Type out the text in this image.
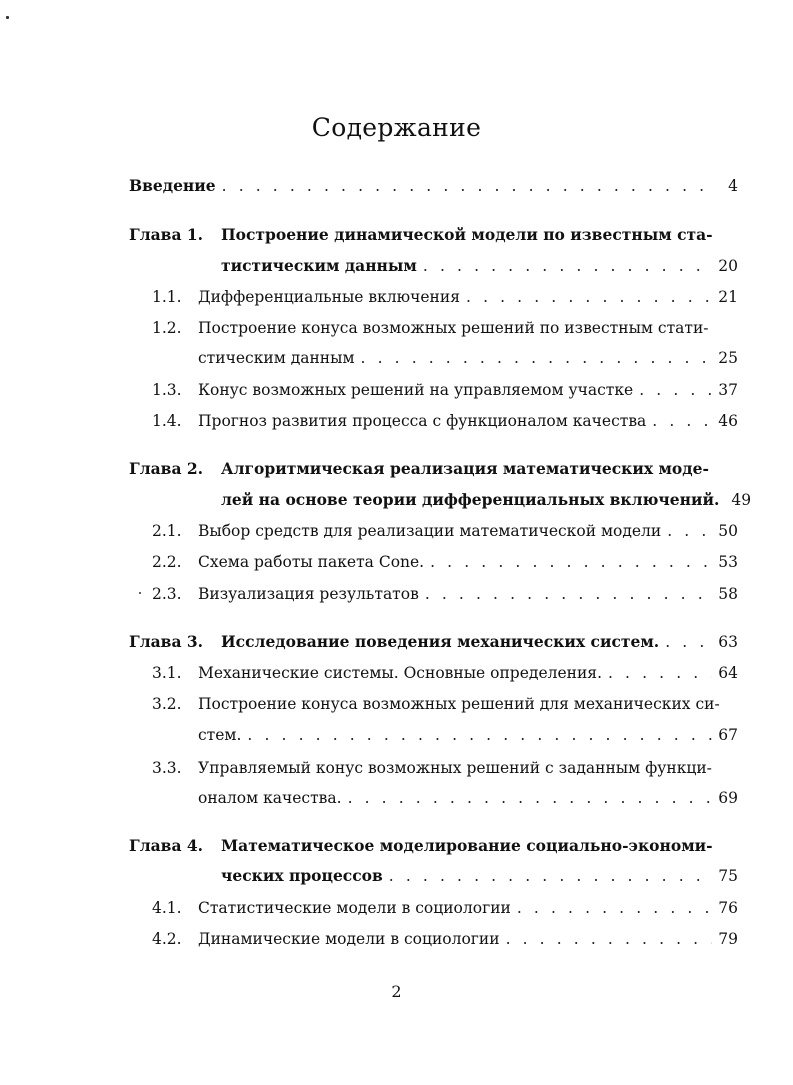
Содержание
Введение . . .	4
Глава 1. Построение динамической модели по известным ста-
тистическим данным . . .	20
1.1. Дифференциальные включения . . .	21
1.2. Построение конуса возможных решений по известным стати-
стическим данным . . .	25
1.3. Конус возможных решений на управляемом участке . . .	37
1.4. Прогноз развития процесса с функционалом качества . . .	46
Глава 2. Алгоритмическая реализация математических моде-
лей на основе теории дифференциальных включений. 49
2.1. Выбор средств для реализации математической модели . . .	50
2.2. Схема работы пакета Cone. . . .	53
2.3. Визуализация результатов . . .	58
Глава 3. Исследование поведения механических систем. . . .	63
3.1. Механические системы. Основные определения. . . .	64
3.2. Построение конуса возможных решений для механических си-
стем. . . .	67
3.3. Управляемый конус возможных решений с заданным функци-
оналом качества. . . .	69
Глава 4. Математическое моделирование социально-экономи-
ческих процессов . . .	75
4.1. Статистические модели в социологии . . .	76
4.2. Динамические модели в социологии . . .	79
2
